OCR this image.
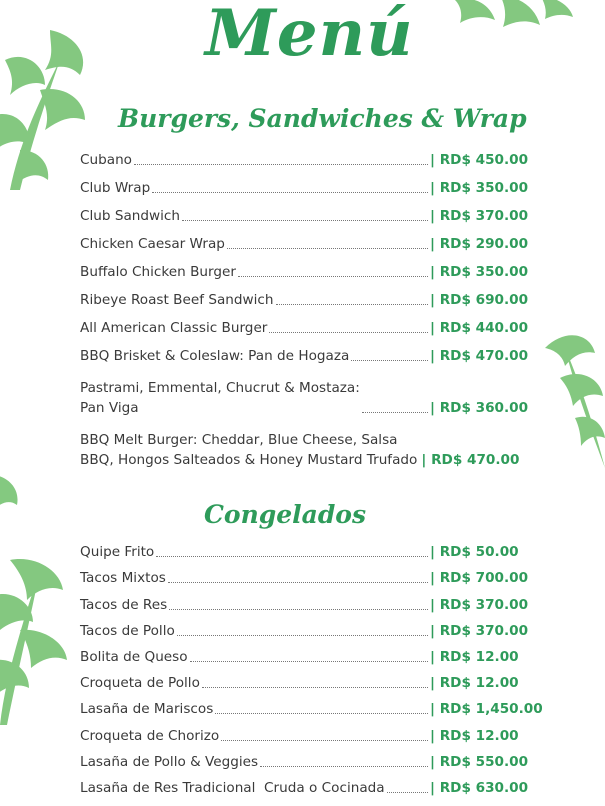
Menú
Burgers, Sandwiches & Wrap
Cubano	| RD$ 450.00
Club Wrap	| RD$ 350.00
Club Sandwich	| RD$ 370.00
Chicken Caesar Wrap	| RD$ 290.00
Buffalo Chicken Burger	| RD$ 350.00
Ribeye Roast Beef Sandwich	| RD$ 690.00
All American Classic Burger	| RD$ 440.00
BBQ Brisket & Coleslaw: Pan de Hogaza	| RD$ 470.00
Pastrami, Emmental, Chucrut & Mostaza:
Pan Viga	| RD$ 360.00
BBQ Melt Burger: Cheddar, Blue Cheese, Salsa
BBQ, Hongos Salteados & Honey Mustard Trufado | RD$ 470.00
Congelados
Quipe Frito	| RD$ 50.00
Tacos Mixtos	| RD$ 700.00
Tacos de Res	| RD$ 370.00
Tacos de Pollo	| RD$ 370.00
Bolita de Queso	| RD$ 12.00
Croqueta de Pollo	| RD$ 12.00
Lasaña de Mariscos	| RD$ 1,450.00
Croqueta de Chorizo	| RD$ 12.00
Lasaña de Pollo & Veggies	| RD$ 550.00
Lasaña de Res Tradicional  Cruda o Cocinada	| RD$ 630.00
